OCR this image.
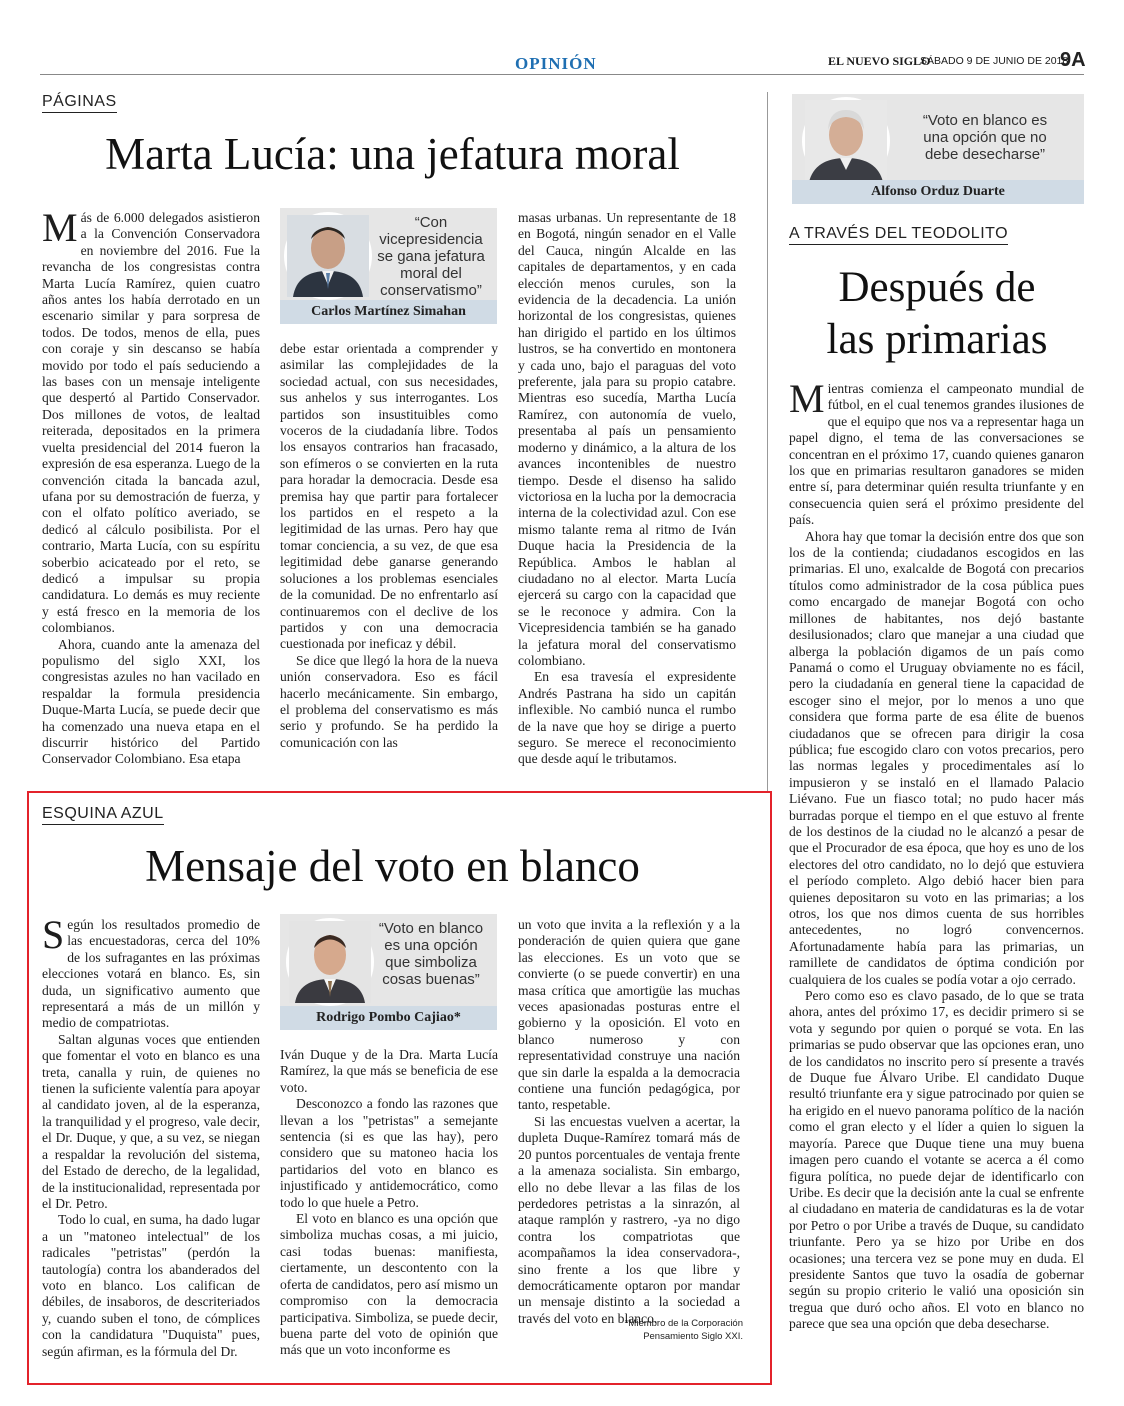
OPINIÓN	EL NUEVO SIGLO
SÁBADO 9 DE JUNIO DE 2018
9A
PÁGINAS
Marta Lucía: una jefatura moral

Más de 6.000 delegados asistieron a la Convención Conservadora en noviembre del 2016. Fue la revancha de los congresistas contra Marta Lucía Ramírez, quien cuatro años antes los había derrotado en un escenario similar y para sorpresa de todos. De todos, menos de ella, pues con coraje y sin descanso se había movido por todo el país seduciendo a las bases con un mensaje inteligente que despertó al Partido Conservador. Dos millones de votos, de lealtad reiterada, depositados en la primera vuelta presidencial del 2014 fueron la expresión de esa esperanza. Luego de la convención citada la bancada azul, ufana por su demostración de fuerza, y con el olfato político averiado, se dedicó al cálculo posibilista. Por el contrario, Marta Lucía, con su espíritu soberbio acicateado por el reto, se dedicó a impulsar su propia candidatura. Lo demás es muy reciente y está fresco en la memoria de los colombianos.

Ahora, cuando ante la amenaza del populismo del siglo XXI, los congresistas azules no han vacilado en respaldar la formula presidencia Duque-Marta Lucía, se puede decir que ha comenzado una nueva etapa en el discurrir histórico del Partido Conservador Colombiano. Esa etapa

“Con vicepresidencia se gana jefatura moral del conservatismo”
Carlos Martínez Simahan

debe estar orientada a comprender y asimilar las complejidades de la sociedad actual, con sus necesidades, sus anhelos y sus interrogantes. Los partidos son insustituibles como voceros de la ciudadanía libre. Todos los ensayos contrarios han fracasado, son efímeros o se convierten en la ruta para horadar la democracia. Desde esa premisa hay que partir para fortalecer los partidos en el respeto a la legitimidad de las urnas. Pero hay que tomar conciencia, a su vez, de que esa legitimidad debe ganarse generando soluciones a los problemas esenciales de la comunidad. De no enfrentarlo así continuaremos con el declive de los partidos y con una democracia cuestionada por ineficaz y débil.

Se dice que llegó la hora de la nueva unión conservadora. Eso es fácil hacerlo mecánicamente. Sin embargo, el problema del conservatismo es más serio y profundo. Se ha perdido la comunicación con las

masas urbanas. Un representante de 18 en Bogotá, ningún senador en el Valle del Cauca, ningún Alcalde en las capitales de departamentos, y en cada elección menos curules, son la evidencia de la decadencia. La unión horizontal de los congresistas, quienes han dirigido el partido en los últimos lustros, se ha convertido en montonera y cada uno, bajo el paraguas del voto preferente, jala para su propio catabre. Mientras eso sucedía, Martha Lucía Ramírez, con autonomía de vuelo, presentaba al país un pensamiento moderno y dinámico, a la altura de los avances incontenibles de nuestro tiempo. Desde el disenso ha salido victoriosa en la lucha por la democracia interna de la colectividad azul. Con ese mismo talante rema al ritmo de Iván Duque hacia la Presidencia de la República. Ambos le hablan al ciudadano no al elector. Marta Lucía ejercerá su cargo con la capacidad que se le reconoce y admira. Con la Vicepresidencia también se ha ganado la jefatura moral del conservatismo colombiano.

En esa travesía el expresidente Andrés Pastrana ha sido un capitán inflexible. No cambió nunca el rumbo de la nave que hoy se dirige a puerto seguro. Se merece el reconocimiento que desde aquí le tributamos.

ESQUINA AZUL
Mensaje del voto en blanco

Según los resultados promedio de las encuestadoras, cerca del 10% de los sufragantes en las próximas elecciones votará en blanco. Es, sin duda, un significativo aumento que representará a más de un millón y medio de compatriotas.

Saltan algunas voces que entienden que fomentar el voto en blanco es una treta, canalla y ruin, de quienes no tienen la suficiente valentía para apoyar al candidato joven, al de la esperanza, la tranquilidad y el progreso, vale decir, el Dr. Duque, y que, a su vez, se niegan a respaldar la revolución del sistema, del Estado de derecho, de la legalidad, de la institucionalidad, representada por el Dr. Petro.

Todo lo cual, en suma, ha dado lugar a un "matoneo intelectual" de los radicales "petristas" (perdón la tautología) contra los abanderados del voto en blanco. Los califican de débiles, de insaboros, de descriteriados y, cuando suben el tono, de cómplices con la candidatura "Duquista" pues, según afirman, es la fórmula del Dr.

“Voto en blanco es una opción que simboliza cosas buenas”
Rodrigo Pombo Cajiao*

Iván Duque y de la Dra. Marta Lucía Ramírez, la que más se beneficia de ese voto.

Desconozco a fondo las razones que llevan a los "petristas" a semejante sentencia (si es que las hay), pero considero que su matoneo hacia los partidarios del voto en blanco es injustificado y antidemocrático, como todo lo que huele a Petro.

El voto en blanco es una opción que simboliza muchas cosas, a mi juicio, casi todas buenas: manifiesta, ciertamente, un descontento con la oferta de candidatos, pero así mismo un compromiso con la democracia participativa. Simboliza, se puede decir, buena parte del voto de opinión que más que un voto inconforme es

un voto que invita a la reflexión y a la ponderación de quien quiera que gane las elecciones. Es un voto que se convierte (o se puede convertir) en una masa crítica que amortigüe las muchas veces apasionadas posturas entre el gobierno y la oposición. El voto en blanco numeroso y con representatividad construye una nación que sin darle la espalda a la democracia contiene una función pedagógica, por tanto, respetable.

Si las encuestas vuelven a acertar, la dupleta Duque-Ramírez tomará más de 20 puntos porcentuales de ventaja frente a la amenaza socialista. Sin embargo, ello no debe llevar a las filas de los perdedores petristas a la sinrazón, al ataque ramplón y rastrero, -ya no digo contra los compatriotas que acompañamos la idea conservadora-, sino frente a los que libre y democráticamente optaron por mandar un mensaje distinto a la sociedad a través del voto en blanco.

*Miembro de la Corporación
Pensamiento Siglo XXI.
“Voto en blanco es una opción que no debe desecharse”
Alfonso Orduz Duarte
A TRAVÉS DEL TEODOLITO
Después de
las primarias

Mientras comienza el campeonato mundial de fútbol, en el cual tenemos grandes ilusiones de que el equipo que nos va a representar haga un papel digno, el tema de las conversaciones se concentran en el próximo 17, cuando quienes ganaron los que en primarias resultaron ganadores se miden entre sí, para determinar quién resulta triunfante y en consecuencia quien será el próximo presidente del país.

Ahora hay que tomar la decisión entre dos que son los de la contienda; ciudadanos escogidos en las primarias. El uno, exalcalde de Bogotá con precarios títulos como administrador de la cosa pública pues como encargado de manejar Bogotá con ocho millones de habitantes, nos dejó bastante desilusionados; claro que manejar a una ciudad que alberga la población digamos de un país como Panamá o como el Uruguay obviamente no es fácil, pero la ciudadanía en general tiene la capacidad de escoger sino el mejor, por lo menos a uno que considera que forma parte de esa élite de buenos ciudadanos que se ofrecen para dirigir la cosa pública; fue escogido claro con votos precarios, pero las normas legales y procedimentales así lo impusieron y se instaló en el llamado Palacio Liévano. Fue un fiasco total; no pudo hacer más burradas porque el tiempo en el que estuvo al frente de los destinos de la ciudad no le alcanzó a pesar de que el Procurador de esa época, que hoy es uno de los electores del otro candidato, no lo dejó que estuviera el período completo. Algo debió hacer bien para quienes depositaron su voto en las primarias; a los otros, los que nos dimos cuenta de sus horribles antecedentes, no logró convencernos. Afortunadamente había para las primarias, un ramillete de candidatos de óptima condición por cualquiera de los cuales se podía votar a ojo cerrado.

Pero como eso es clavo pasado, de lo que se trata ahora, antes del próximo 17, es decidir primero si se vota y segundo por quien o porqué se vota. En las primarias se pudo observar que las opciones eran, uno de los candidatos no inscrito pero sí presente a través de Duque fue Álvaro Uribe. El candidato Duque resultó triunfante era y sigue patrocinado por quien se ha erigido en el nuevo panorama político de la nación como el gran electo y el líder a quien lo siguen la mayoría. Parece que Duque tiene una muy buena imagen pero cuando el votante se acerca a él como figura política, no puede dejar de identificarlo con Uribe. Es decir que la decisión ante la cual se enfrente al ciudadano en materia de candidaturas es la de votar por Petro o por Uribe a través de Duque, su candidato triunfante. Pero ya se hizo por Uribe en dos ocasiones; una tercera vez se pone muy en duda. El presidente Santos que tuvo la osadía de gobernar según su propio criterio le valió una oposición sin tregua que duró ocho años. El voto en blanco no parece que sea una opción que deba desecharse.
